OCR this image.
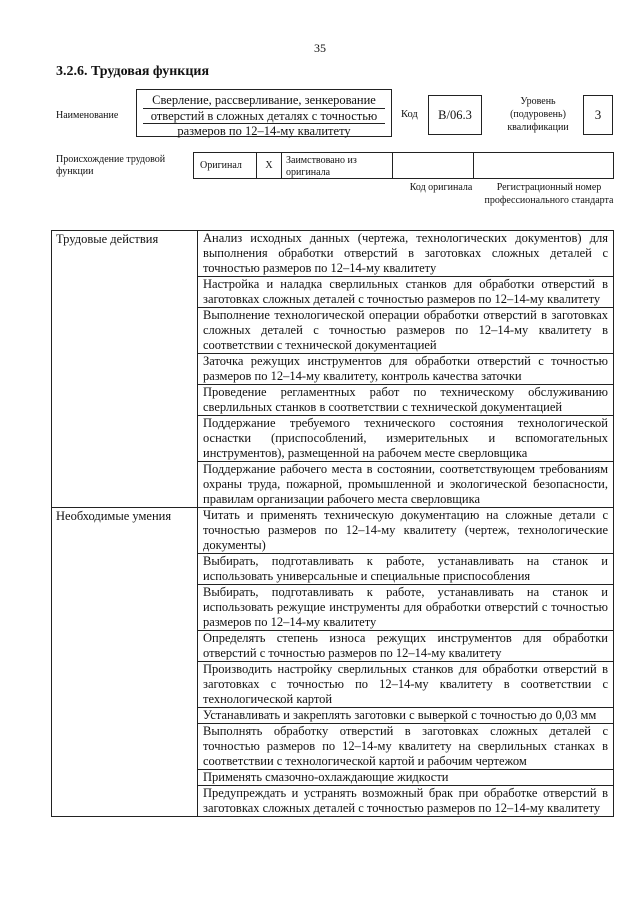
35
3.2.6. Трудовая функция
Наименование
Сверление, рассверливание, зенкерование
отверстий в сложных деталях с точностью
размеров по 12–14-му квалитету
Код	B/06.3
Уровень (подуровень) квалификации
3
Происхождение трудовой функции
Оригинал	X	Заимствовано из оригинала
Код оригинала	Регистрационный номер профессионального стандарта
Трудовые действия	Анализ исходных данных (чертежа, технологических документов) для выполнения обработки отверстий в заготовках сложных деталей с точностью размеров по 12–14-му квалитету
	Настройка и наладка сверлильных станков для обработки отверстий в заготовках сложных деталей с точностью размеров по 12–14-му квалитету
	Выполнение технологической операции обработки отверстий в заготовках сложных деталей с точностью размеров по 12–14-му квалитету в соответствии с технической документацией
	Заточка режущих инструментов для обработки отверстий с точностью размеров по 12–14-му квалитету, контроль качества заточки
	Проведение регламентных работ по техническому обслуживанию сверлильных станков в соответствии с технической документацией
	Поддержание требуемого технического состояния технологической оснастки (приспособлений, измерительных и вспомогательных инструментов), размещенной на рабочем месте сверловщика
	Поддержание рабочего места в состоянии, соответствующем требованиям охраны труда, пожарной, промышленной и экологической безопасности, правилам организации рабочего места сверловщика
Необходимые умения	Читать и применять техническую документацию на сложные детали с точностью размеров по 12–14-му квалитету (чертеж, технологические документы)
	Выбирать, подготавливать к работе, устанавливать на станок и использовать универсальные и специальные приспособления
	Выбирать, подготавливать к работе, устанавливать на станок и использовать режущие инструменты для обработки отверстий с точностью размеров по 12–14-му квалитету
	Определять степень износа режущих инструментов для обработки отверстий с точностью размеров по 12–14-му квалитету
	Производить настройку сверлильных станков для обработки отверстий в заготовках с точностью по 12–14-му квалитету в соответствии с технологической картой
	Устанавливать и закреплять заготовки с выверкой с точностью до 0,03 мм
	Выполнять обработку отверстий в заготовках сложных деталей с точностью размеров по 12–14-му квалитету на сверлильных станках в соответствии с технологической картой и рабочим чертежом
	Применять смазочно-охлаждающие жидкости
	Предупреждать и устранять возможный брак при обработке отверстий в заготовках сложных деталей с точностью размеров по 12–14-му квалитету
